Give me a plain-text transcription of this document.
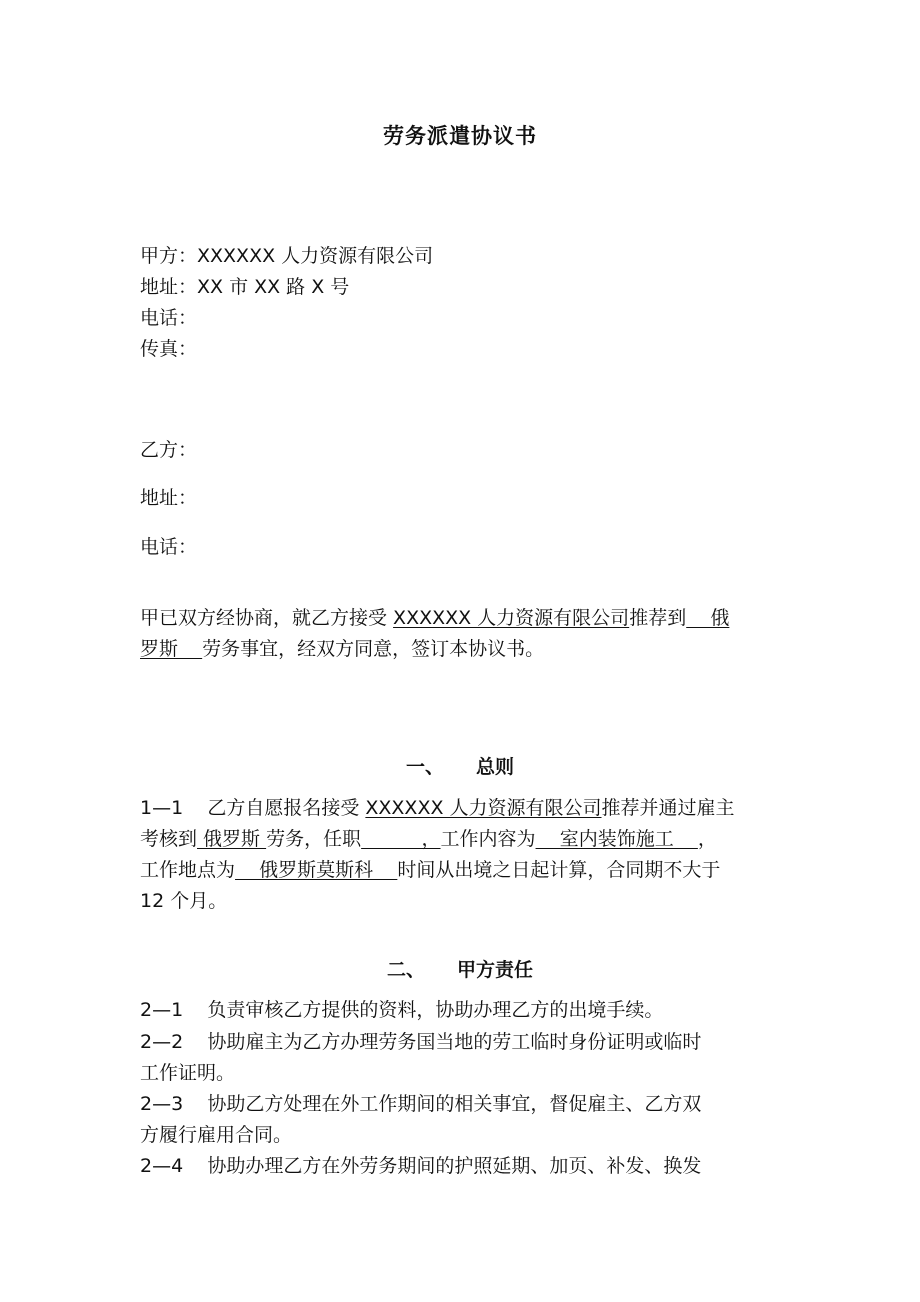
劳务派遣协议书
甲方：XXXXXX 人力资源有限公司
地址：XX 市 XX 路 X 号
电话：
传真：
乙方：
地址：
电话：
甲已双方经协商，就乙方接受 XXXXXX 人力资源有限公司推荐到    俄
罗斯    劳务事宜，经双方同意，签订本协议书。
一、 总则
1—1    乙方自愿报名接受 XXXXXX 人力资源有限公司推荐并通过雇主
考核到 俄罗斯 劳务，任职          ，工作内容为    室内装饰施工    ，
工作地点为    俄罗斯莫斯科    时间从出境之日起计算，合同期不大于
12 个月。
二、 甲方责任
2—1    负责审核乙方提供的资料，协助办理乙方的出境手续。
2—2    协助雇主为乙方办理劳务国当地的劳工临时身份证明或临时
工作证明。
2—3    协助乙方处理在外工作期间的相关事宜，督促雇主、乙方双
方履行雇用合同。
2—4    协助办理乙方在外劳务期间的护照延期、加页、补发、换发
